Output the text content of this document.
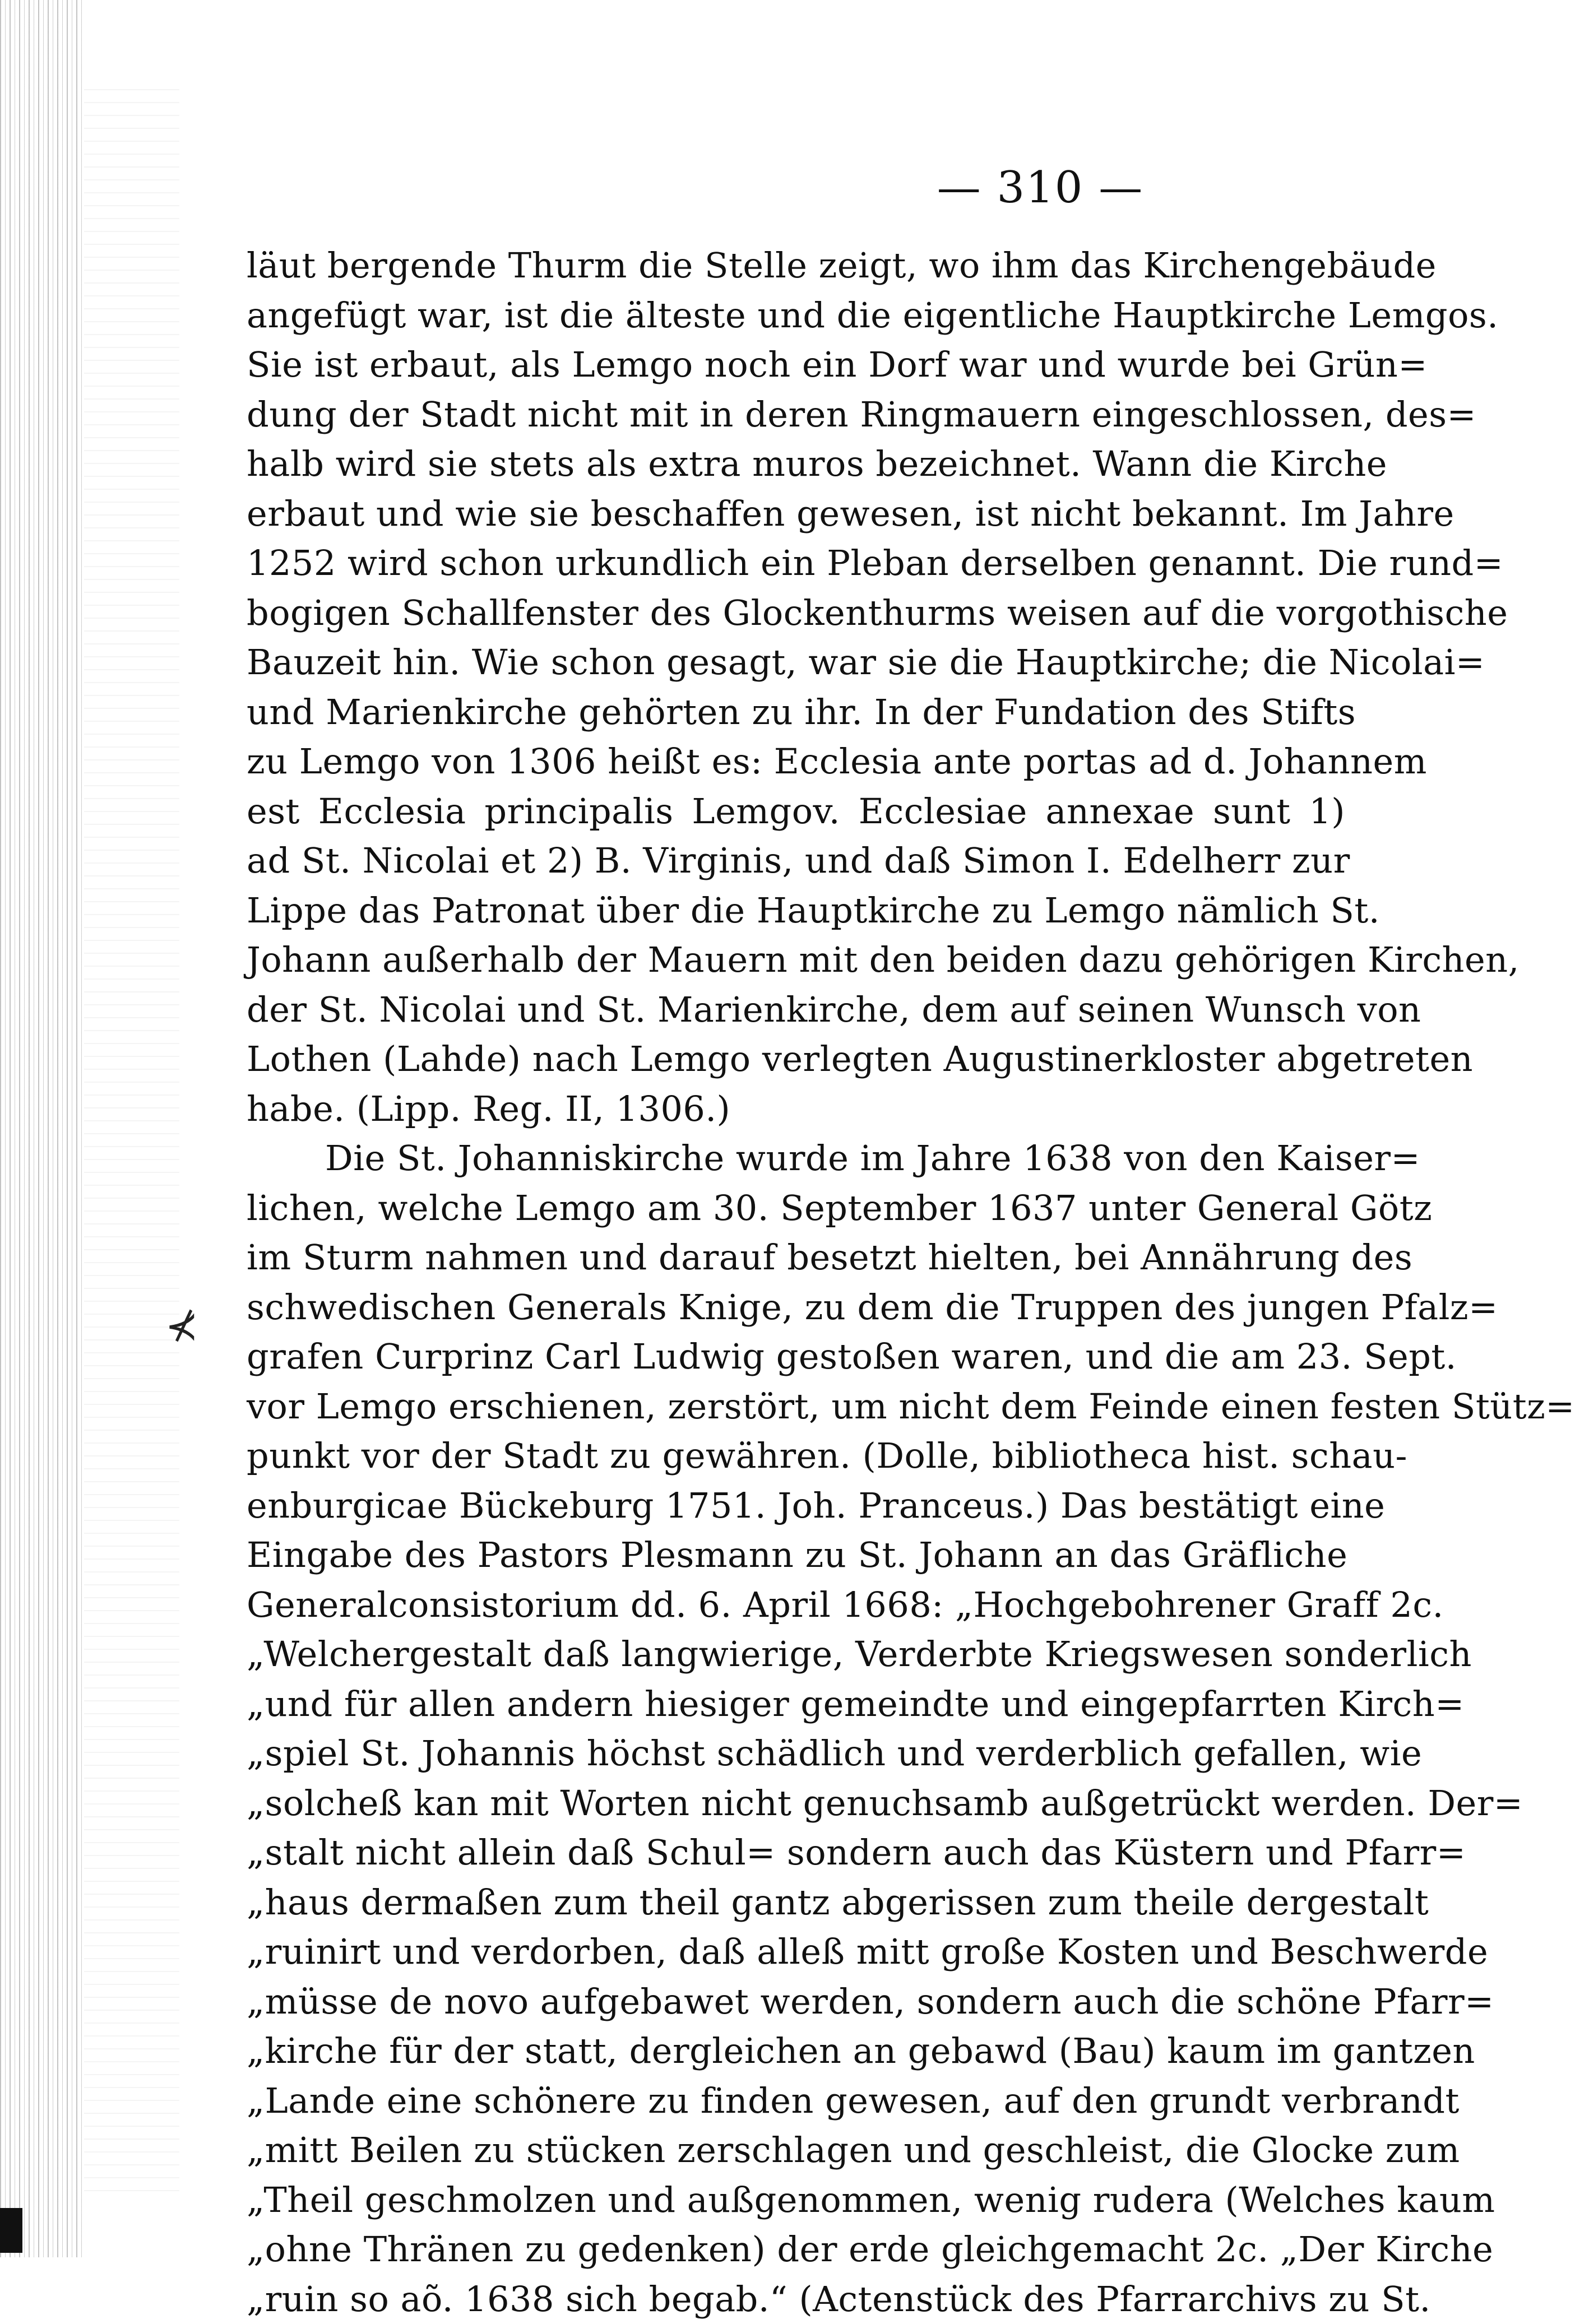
⊀
— 310 —
läut bergende Thurm die Stelle zeigt, wo ihm das Kirchengebäude
angefügt war, ist die älteste und die eigentliche Hauptkirche Lemgos.
Sie ist erbaut, als Lemgo noch ein Dorf war und wurde bei Grün=
dung der Stadt nicht mit in deren Ringmauern eingeschlossen, des=
halb wird sie stets als extra muros bezeichnet. Wann die Kirche
erbaut und wie sie beschaffen gewesen, ist nicht bekannt. Im Jahre
1252 wird schon urkundlich ein Pleban derselben genannt. Die rund=
bogigen Schallfenster des Glockenthurms weisen auf die vorgothische
Bauzeit hin. Wie schon gesagt, war sie die Hauptkirche; die Nicolai=
und Marienkirche gehörten zu ihr. In der Fundation des Stifts
zu Lemgo von 1306 heißt es: Ecclesia ante portas ad d. Johannem
est Ecclesia principalis Lemgov. Ecclesiae annexae sunt 1)
ad St. Nicolai et 2) B. Virginis, und daß Simon I. Edelherr zur
Lippe das Patronat über die Hauptkirche zu Lemgo nämlich St.
Johann außerhalb der Mauern mit den beiden dazu gehörigen Kirchen,
der St. Nicolai und St. Marienkirche, dem auf seinen Wunsch von
Lothen (Lahde) nach Lemgo verlegten Augustinerkloster abgetreten
habe. (Lipp. Reg. II, 1306.)
Die St. Johanniskirche wurde im Jahre 1638 von den Kaiser=
lichen, welche Lemgo am 30. September 1637 unter General Götz
im Sturm nahmen und darauf besetzt hielten, bei Annährung des
schwedischen Generals Knige, zu dem die Truppen des jungen Pfalz=
grafen Curprinz Carl Ludwig gestoßen waren, und die am 23. Sept.
vor Lemgo erschienen, zerstört, um nicht dem Feinde einen festen Stütz=
punkt vor der Stadt zu gewähren. (Dolle, bibliotheca hist. schau-
enburgicae Bückeburg 1751. Joh. Pranceus.) Das bestätigt eine
Eingabe des Pastors Plesmann zu St. Johann an das Gräfliche
Generalconsistorium dd. 6. April 1668: „Hochgebohrener Graff 2c.
„Welchergestalt daß langwierige, Verderbte Kriegswesen sonderlich
„und für allen andern hiesiger gemeindte und eingepfarrten Kirch=
„spiel St. Johannis höchst schädlich und verderblich gefallen, wie
„solcheß kan mit Worten nicht genuchsamb außgetrückt werden. Der=
„stalt nicht allein daß Schul= sondern auch das Küstern und Pfarr=
„haus dermaßen zum theil gantz abgerissen zum theile dergestalt
„ruinirt und verdorben, daß alleß mitt große Kosten und Beschwerde
„müsse de novo aufgebawet werden, sondern auch die schöne Pfarr=
„kirche für der statt, dergleichen an gebawd (Bau) kaum im gantzen
„Lande eine schönere zu finden gewesen, auf den grundt verbrandt
„mitt Beilen zu stücken zerschlagen und geschleist, die Glocke zum
„Theil geschmolzen und außgenommen, wenig rudera (Welches kaum
„ohne Thränen zu gedenken) der erde gleichgemacht 2c. „Der Kirche
„ruin so aõ. 1638 sich begab.“ (Actenstück des Pfarrarchivs zu St.
